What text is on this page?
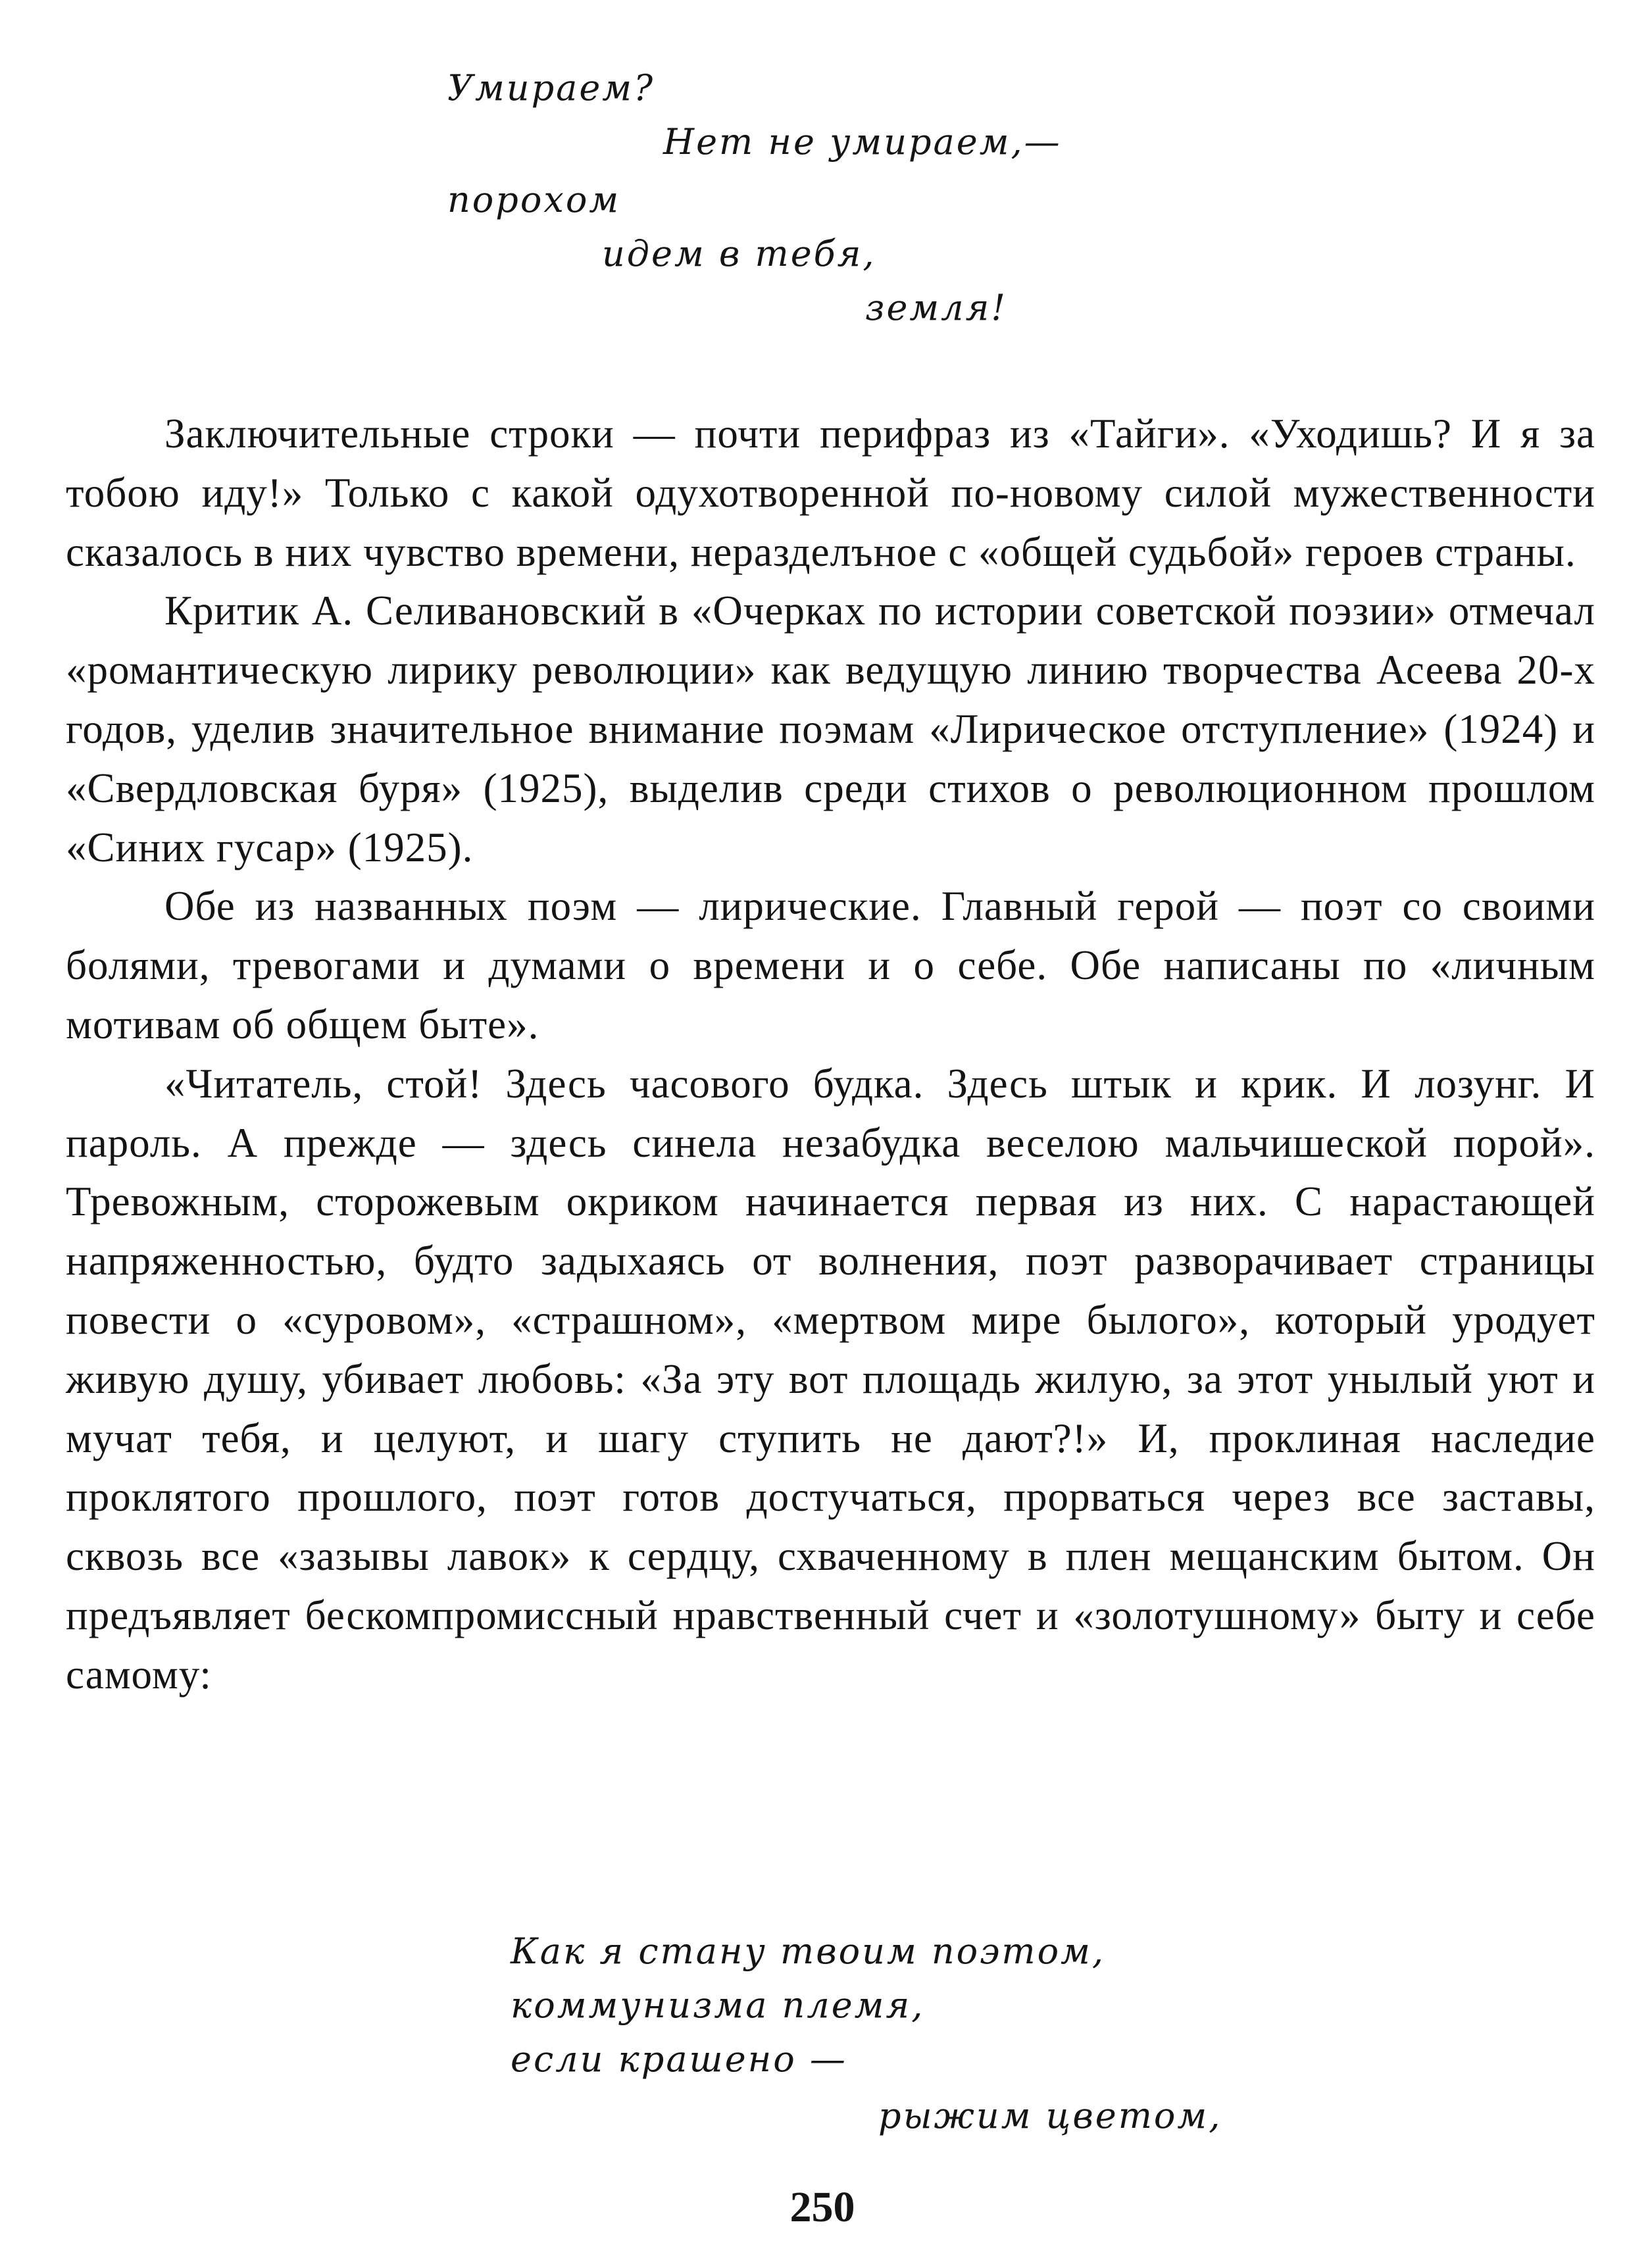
Умираем?
Нет не умираем,—
порохом
идем в тебя,
земля!

Заключительные строки — почти перифраз из «Тайги». «Уходишь? И я за тобою иду!» Только с какой одухотворенной по-новому силой мужественности сказалось в них чувство времени, неразделъное с «общей судьбой» героев страны.

Критик А. Селивановский в «Очерках по истории советской поэзии» отмечал «романтическую лирику революции» как ведущую линию творчества Асеева 20-х годов, уделив значительное внимание поэмам «Лирическое отступление» (1924) и «Свердловская буря» (1925), выделив среди стихов о революционном прошлом «Синих гусар» (1925).

Обе из названных поэм — лирические. Главный герой — поэт со своими болями, тревогами и думами о времени и о себе. Обе написаны по «личным мотивам об общем быте».

«Читатель, стой! Здесь часового будка. Здесь штык и крик. И лозунг. И пароль. А прежде — здесь синела незабудка веселою мальчишеской порой». Тревожным, сторожевым окриком начинается первая из них. С нарастающей напряженностью, будто задыхаясь от волнения, поэт разворачивает страницы повести о «суровом», «страшном», «мертвом мире былого», который уродует живую душу, убивает любовь: «За эту вот площадь жилую, за этот унылый уют и мучат тебя, и целуют, и шагу ступить не дают?!» И, проклиная наследие проклятого прошлого, поэт готов достучаться, прорваться через все заставы, сквозь все «зазывы лавок» к сердцу, схваченному в плен мещанским бытом. Он предъявляет бескомпромиссный нравственный счет и «золотушному» быту и себе самому:

Как я стану твоим поэтом,
коммунизма племя,
если крашено —
рыжим цветом,
250
